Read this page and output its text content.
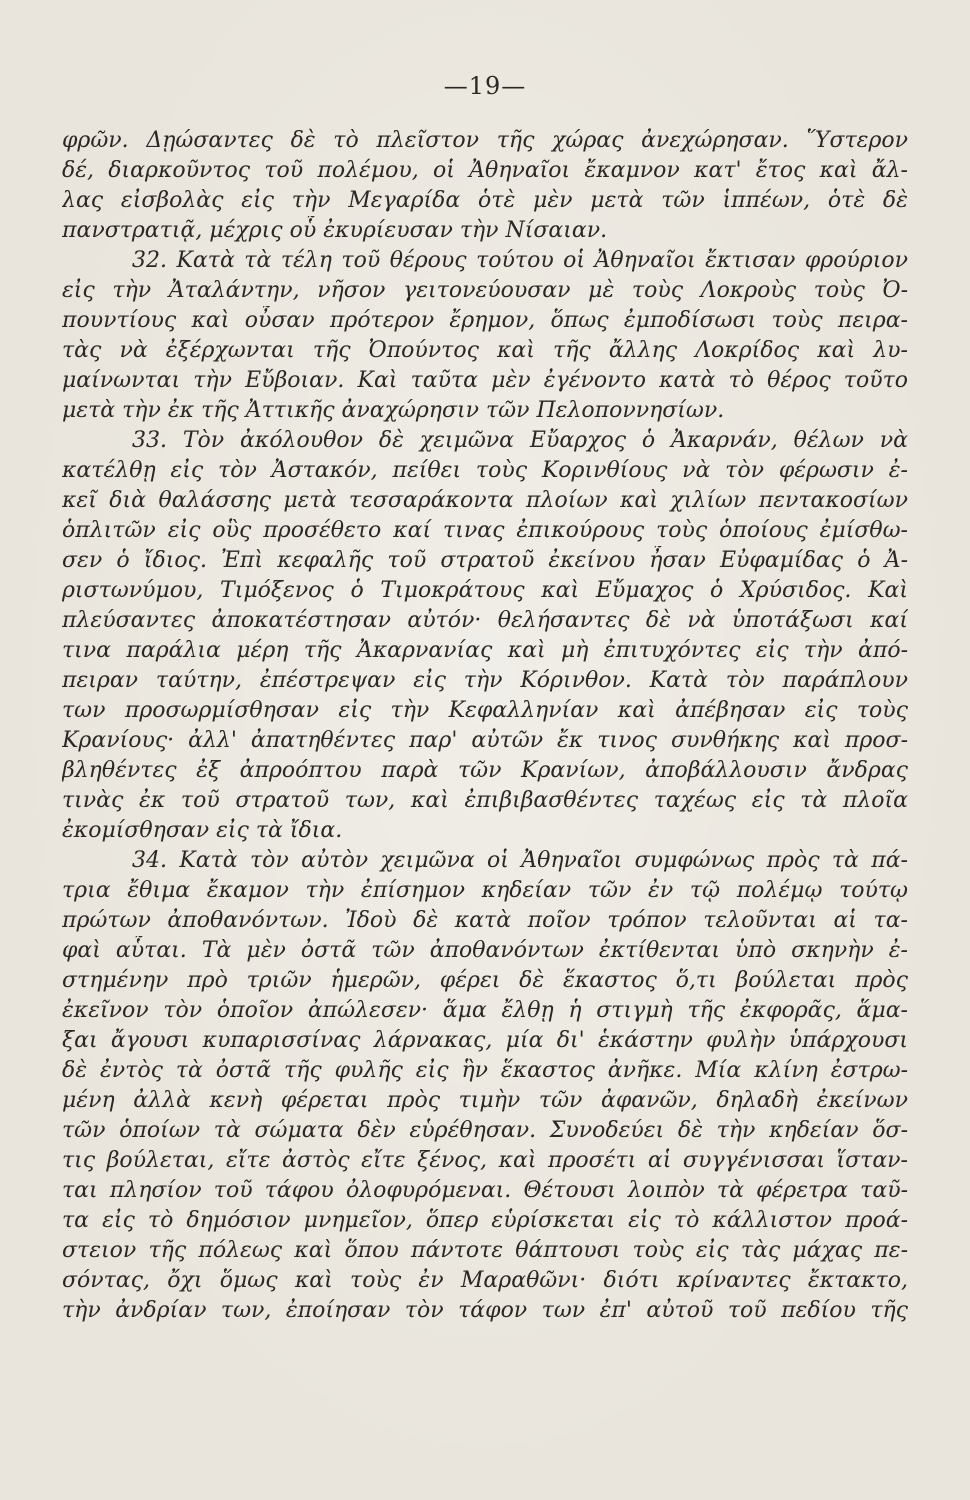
—19—
φρῶν. Δῃώσαντες δὲ τὸ πλεῖστον τῆς χώρας ἀνεχώρησαν. Ὕστερον
δέ, διαρκοῦντος τοῦ πολέμου, οἱ Ἀθηναῖοι ἔκαμνον κατ' ἔτος καὶ ἄλ-
λας εἰσβολὰς εἰς τὴν Μεγαρίδα ὁτὲ μὲν μετὰ τῶν ἱππέων, ὁτὲ δὲ
πανστρατιᾷ, μέχρις οὗ ἐκυρίευσαν τὴν Νίσαιαν.
32. Κατὰ τὰ τέλη τοῦ θέρους τούτου οἱ Ἀθηναῖοι ἔκτισαν φρούριον
εἰς τὴν Ἀταλάντην, νῆσον γειτονεύουσαν μὲ τοὺς Λοκροὺς τοὺς Ὀ-
πουντίους καὶ οὖσαν πρότερον ἔρημον, ὅπως ἐμποδίσωσι τοὺς πειρα-
τὰς νὰ ἐξέρχωνται τῆς Ὀπούντος καὶ τῆς ἄλλης Λοκρίδος καὶ λυ-
μαίνωνται τὴν Εὔβοιαν. Καὶ ταῦτα μὲν ἐγένοντο κατὰ τὸ θέρος τοῦτο
μετὰ τὴν ἐκ τῆς Ἀττικῆς ἀναχώρησιν τῶν Πελοποννησίων.
33. Τὸν ἀκόλουθον δὲ χειμῶνα Εὔαρχος ὁ Ἀκαρνάν, θέλων νὰ
κατέλθῃ εἰς τὸν Ἀστακόν, πείθει τοὺς Κορινθίους νὰ τὸν φέρωσιν ἐ-
κεῖ διὰ θαλάσσης μετὰ τεσσαράκοντα πλοίων καὶ χιλίων πεντακοσίων
ὁπλιτῶν εἰς οὓς προσέθετο καί τινας ἐπικούρους τοὺς ὁποίους ἐμίσθω-
σεν ὁ ἴδιος. Ἐπὶ κεφαλῆς τοῦ στρατοῦ ἐκείνου ἦσαν Εὐφαμίδας ὁ Ἀ-
ριστωνύμου, Τιμόξενος ὁ Τιμοκράτους καὶ Εὔμαχος ὁ Χρύσιδος. Καὶ
πλεύσαντες ἀποκατέστησαν αὐτόν· θελήσαντες δὲ νὰ ὑποτάξωσι καί
τινα παράλια μέρη τῆς Ἀκαρνανίας καὶ μὴ ἐπιτυχόντες εἰς τὴν ἀπό-
πειραν ταύτην, ἐπέστρεψαν εἰς τὴν Κόρινθον. Κατὰ τὸν παράπλουν
των προσωρμίσθησαν εἰς τὴν Κεφαλληνίαν καὶ ἀπέβησαν εἰς τοὺς
Κρανίους· ἀλλ' ἀπατηθέντες παρ' αὐτῶν ἔκ τινος συνθήκης καὶ προσ-
βληθέντες ἐξ ἀπροόπτου παρὰ τῶν Κρανίων, ἀποβάλλουσιν ἄνδρας
τινὰς ἐκ τοῦ στρατοῦ των, καὶ ἐπιβιβασθέντες ταχέως εἰς τὰ πλοῖα
ἐκομίσθησαν εἰς τὰ ἴδια.
34. Κατὰ τὸν αὐτὸν χειμῶνα οἱ Ἀθηναῖοι συμφώνως πρὸς τὰ πά-
τρια ἔθιμα ἔκαμον τὴν ἐπίσημον κηδείαν τῶν ἐν τῷ πολέμῳ τούτῳ
πρώτων ἀποθανόντων. Ἰδοὺ δὲ κατὰ ποῖον τρόπον τελοῦνται αἱ τα-
φαὶ αὗται. Τὰ μὲν ὀστᾶ τῶν ἀποθανόντων ἐκτίθενται ὑπὸ σκηνὴν ἐ-
στημένην πρὸ τριῶν ἡμερῶν, φέρει δὲ ἕκαστος ὅ,τι βούλεται πρὸς
ἐκεῖνον τὸν ὁποῖον ἀπώλεσεν· ἅμα ἔλθῃ ἡ στιγμὴ τῆς ἐκφορᾶς, ἅμα-
ξαι ἄγουσι κυπαρισσίνας λάρνακας, μία δι' ἑκάστην φυλὴν ὑπάρχουσι
δὲ ἐντὸς τὰ ὀστᾶ τῆς φυλῆς εἰς ἣν ἕκαστος ἀνῆκε. Μία κλίνη ἐστρω-
μένη ἀλλὰ κενὴ φέρεται πρὸς τιμὴν τῶν ἀφανῶν, δηλαδὴ ἐκείνων
τῶν ὁποίων τὰ σώματα δὲν εὑρέθησαν. Συνοδεύει δὲ τὴν κηδείαν ὅσ-
τις βούλεται, εἴτε ἀστὸς εἴτε ξένος, καὶ προσέτι αἱ συγγένισσαι ἵσταν-
ται πλησίον τοῦ τάφου ὀλοφυρόμεναι. Θέτουσι λοιπὸν τὰ φέρετρα ταῦ-
τα εἰς τὸ δημόσιον μνημεῖον, ὅπερ εὑρίσκεται εἰς τὸ κάλλιστον προά-
στειον τῆς πόλεως καὶ ὅπου πάντοτε θάπτουσι τοὺς εἰς τὰς μάχας πε-
σόντας, ὄχι ὅμως καὶ τοὺς ἐν Μαραθῶνι· διότι κρίναντες ἔκτακτο,
τὴν ἀνδρίαν των, ἐποίησαν τὸν τάφον των ἐπ' αὐτοῦ τοῦ πεδίου τῆς
